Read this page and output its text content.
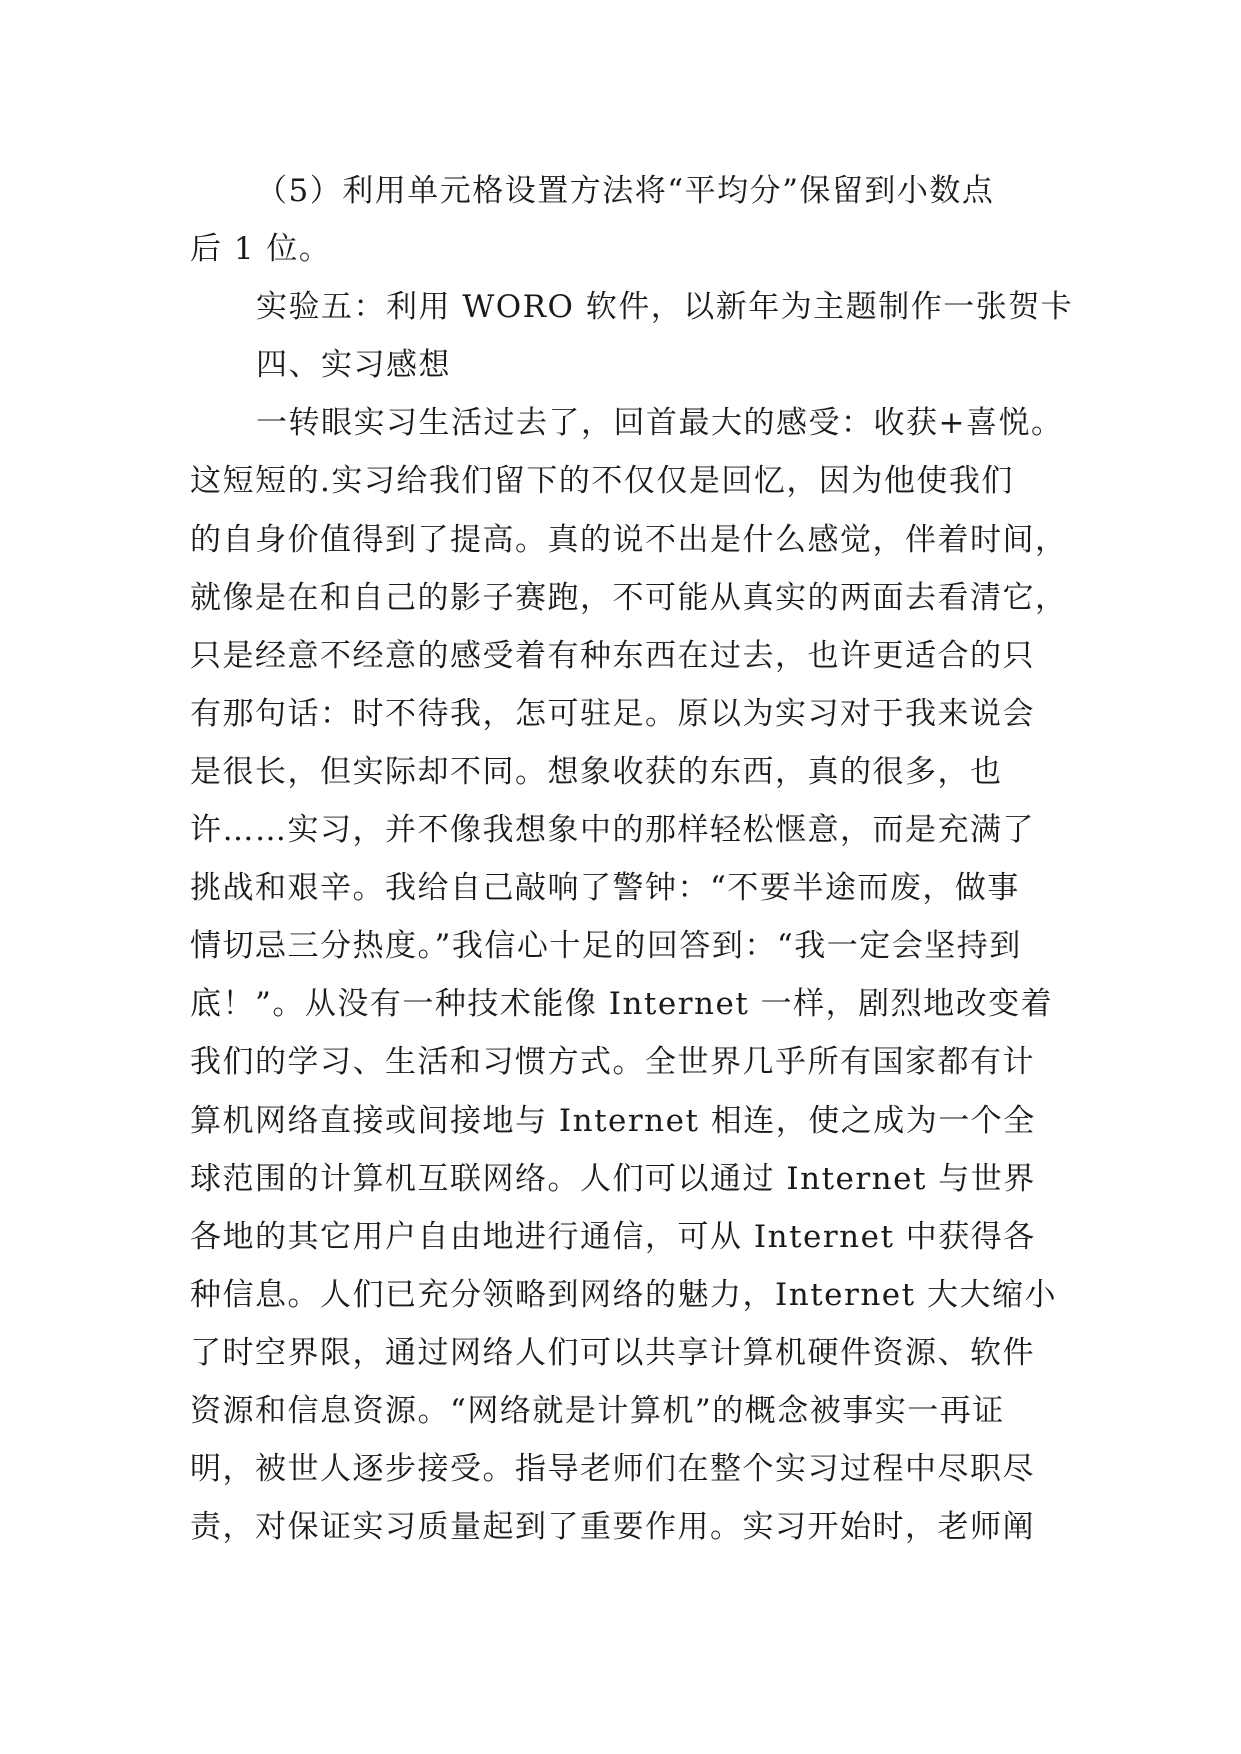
（5）利用单元格设置方法将“平均分”保留到小数点
后 1 位。
实验五：利用 WORO 软件，以新年为主题制作一张贺卡
四、实习感想
一转眼实习生活过去了，回首最大的感受：收获+喜悦。
这短短的.实习给我们留下的不仅仅是回忆，因为他使我们
的自身价值得到了提高。真的说不出是什么感觉，伴着时间，
就像是在和自己的影子赛跑，不可能从真实的两面去看清它，
只是经意不经意的感受着有种东西在过去，也许更适合的只
有那句话：时不待我，怎可驻足。原以为实习对于我来说会
是很长，但实际却不同。想象收获的东西，真的很多，也
许……实习，并不像我想象中的那样轻松惬意，而是充满了
挑战和艰辛。我给自己敲响了警钟：“不要半途而废，做事
情切忌三分热度。”我信心十足的回答到：“我一定会坚持到
底！”。从没有一种技术能像 Internet 一样，剧烈地改变着
我们的学习、生活和习惯方式。全世界几乎所有国家都有计
算机网络直接或间接地与 Internet 相连，使之成为一个全
球范围的计算机互联网络。人们可以通过 Internet 与世界
各地的其它用户自由地进行通信，可从 Internet 中获得各
种信息。人们已充分领略到网络的魅力，Internet 大大缩小
了时空界限，通过网络人们可以共享计算机硬件资源、软件
资源和信息资源。“网络就是计算机”的概念被事实一再证
明，被世人逐步接受。指导老师们在整个实习过程中尽职尽
责，对保证实习质量起到了重要作用。实习开始时，老师阐
